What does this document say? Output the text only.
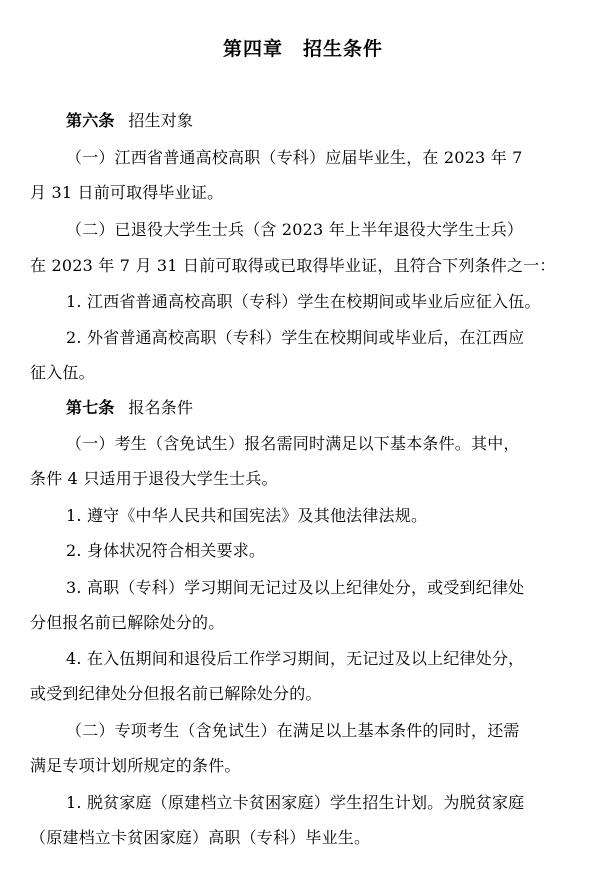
第四章　招生条件
第六条 招生对象
（一）江西省普通高校高职（专科）应届毕业生，在 2023 年 7
月 31 日前可取得毕业证。
（二）已退役大学生士兵（含 2023 年上半年退役大学生士兵）
在 2023 年 7 月 31 日前可取得或已取得毕业证，且符合下列条件之一：
1. 江西省普通高校高职（专科）学生在校期间或毕业后应征入伍。
2. 外省普通高校高职（专科）学生在校期间或毕业后，在江西应
征入伍。
第七条 报名条件
（一）考生（含免试生）报名需同时满足以下基本条件。其中，
条件 4 只适用于退役大学生士兵。
1. 遵守《中华人民共和国宪法》及其他法律法规。
2. 身体状况符合相关要求。
3. 高职（专科）学习期间无记过及以上纪律处分，或受到纪律处
分但报名前已解除处分的。
4. 在入伍期间和退役后工作学习期间，无记过及以上纪律处分，
或受到纪律处分但报名前已解除处分的。
（二）专项考生（含免试生）在满足以上基本条件的同时，还需
满足专项计划所规定的条件。
1. 脱贫家庭（原建档立卡贫困家庭）学生招生计划。为脱贫家庭
（原建档立卡贫困家庭）高职（专科）毕业生。
